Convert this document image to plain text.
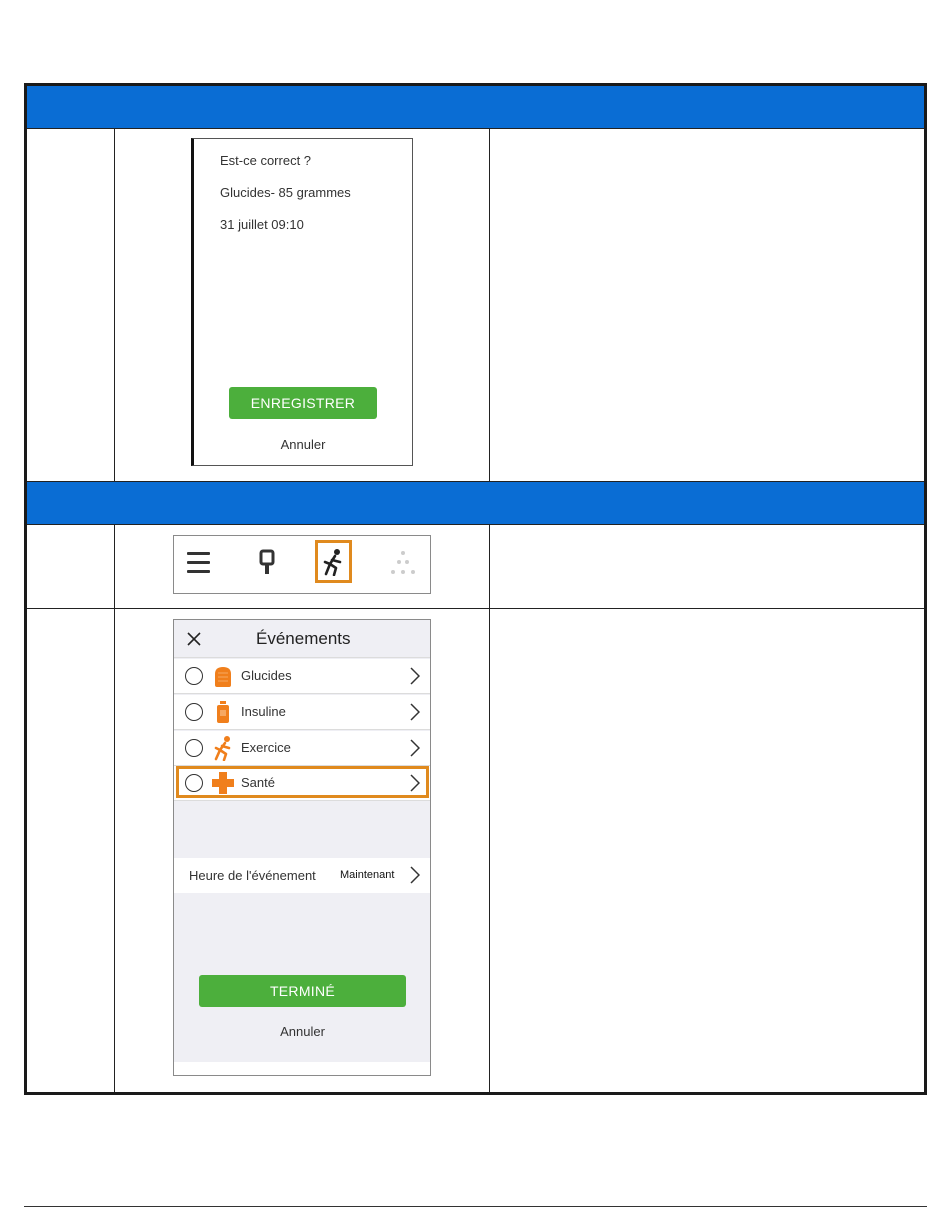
Est-ce correct ?
Glucides- 85 grammes
31 juillet 09:10
ENREGISTRER
Annuler
Événements
Glucides
Insuline
Exercice
Santé
Heure de l'événement Maintenant
TERMINÉ
Annuler
